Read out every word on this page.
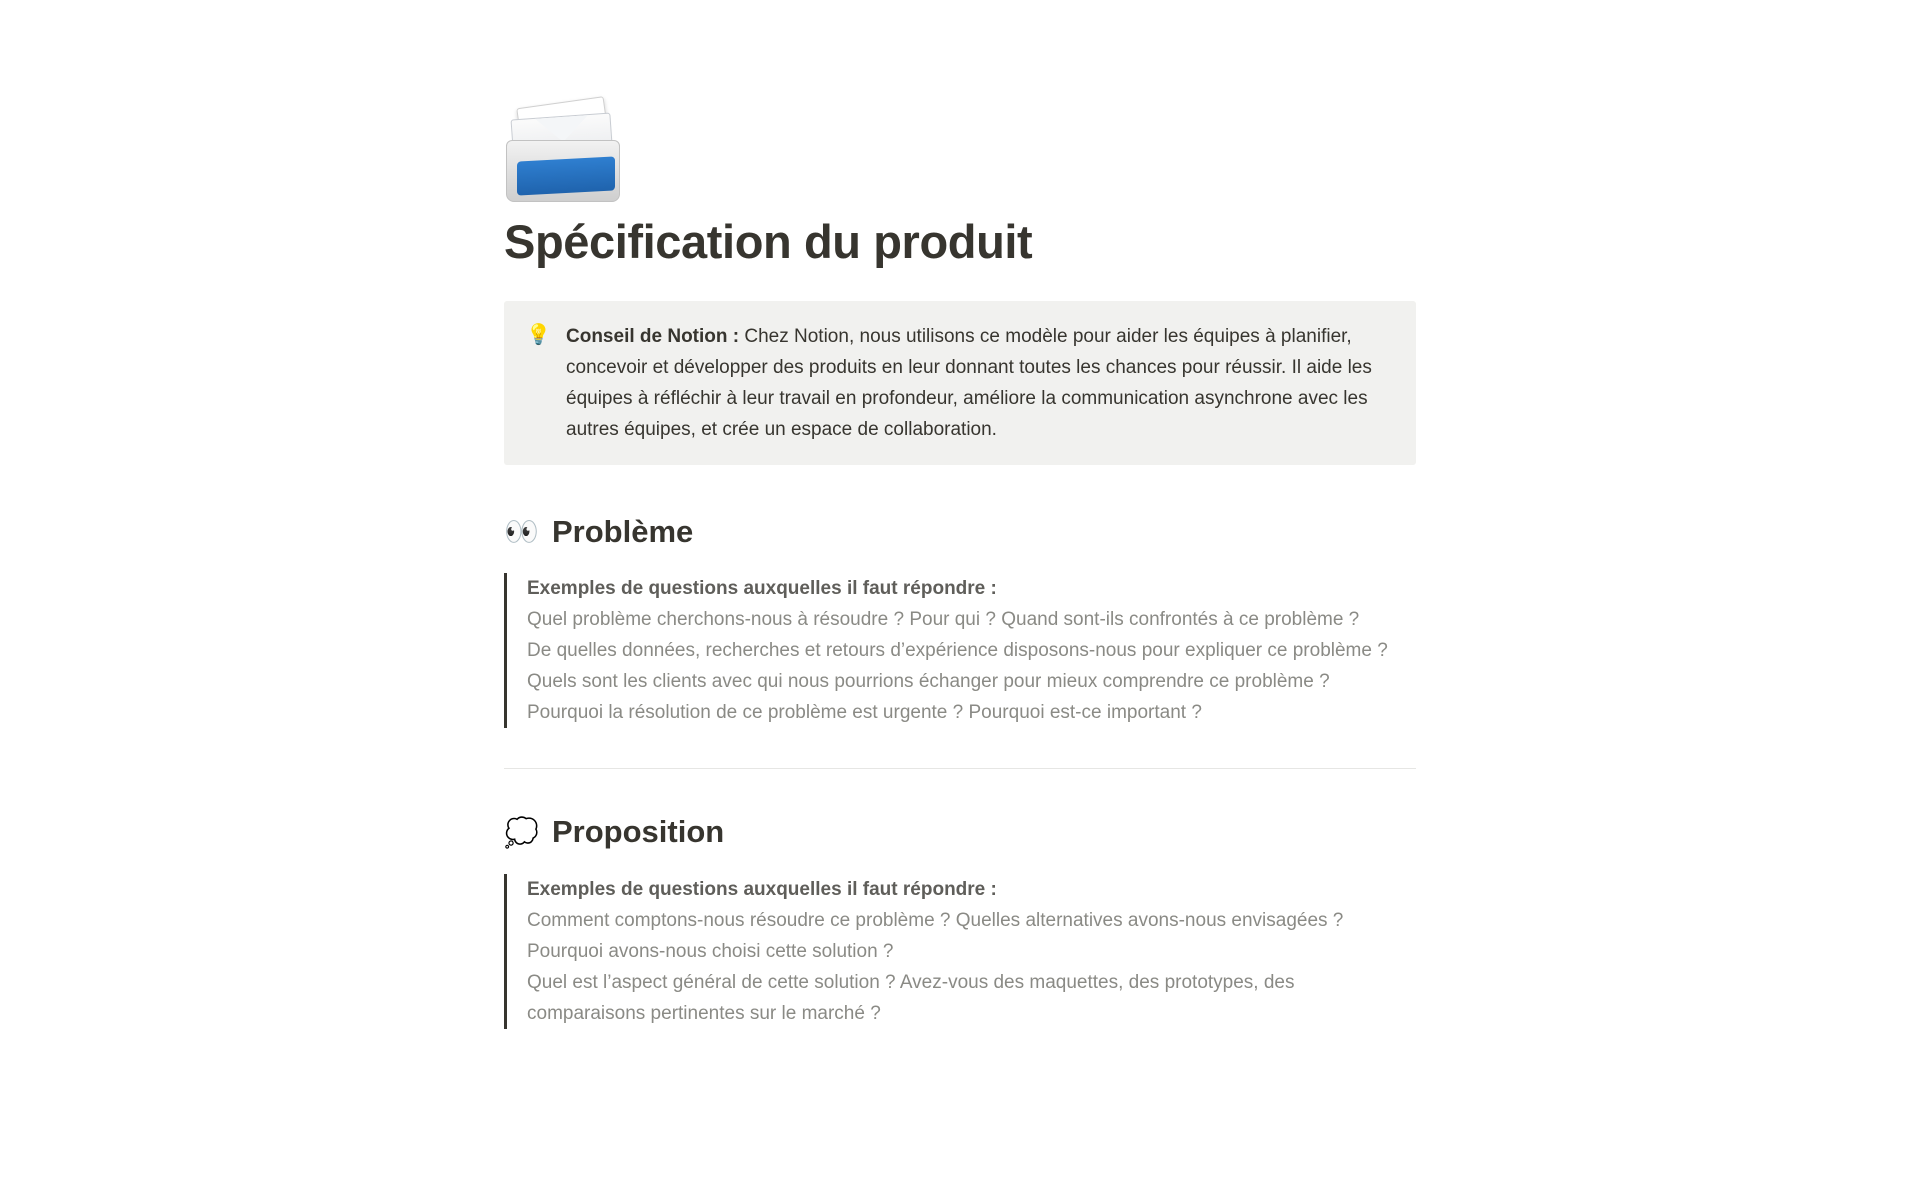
Spécification du produit
💡 Conseil de Notion : Chez Notion, nous utilisons ce modèle pour aider les équipes à planifier, concevoir et développer des produits en leur donnant toutes les chances pour réussir. Il aide les équipes à réfléchir à leur travail en profondeur, améliore la communication asynchrone avec les autres équipes, et crée un espace de collaboration.
👀 Problème
Exemples de questions auxquelles il faut répondre :
Quel problème cherchons-nous à résoudre ? Pour qui ? Quand sont-ils confrontés à ce problème ?
De quelles données, recherches et retours d’expérience disposons-nous pour expliquer ce problème ?
Quels sont les clients avec qui nous pourrions échanger pour mieux comprendre ce problème ?
Pourquoi la résolution de ce problème est urgente ? Pourquoi est-ce important ?
💭 Proposition
Exemples de questions auxquelles il faut répondre :
Comment comptons-nous résoudre ce problème ? Quelles alternatives avons-nous envisagées ? Pourquoi avons-nous choisi cette solution ?
Quel est l’aspect général de cette solution ? Avez-vous des maquettes, des prototypes, des comparaisons pertinentes sur le marché ?
